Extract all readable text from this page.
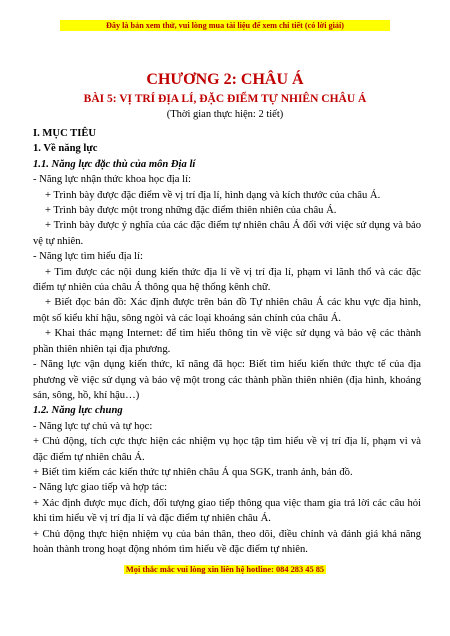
Đây là bản xem thử, vui lòng mua tài liệu để xem chi tiết (có lời giải)
CHƯƠNG 2: CHÂU Á
BÀI 5: VỊ TRÍ ĐỊA LÍ, ĐẶC ĐIỂM TỰ NHIÊN CHÂU Á
(Thời gian thực hiện: 2 tiết)

I. MỤC TIÊU

1. Về năng lực

1.1. Năng lực đặc thù của môn Địa lí

- Năng lực nhận thức khoa học địa lí:

+ Trình bày được đặc điểm về vị trí địa lí, hình dạng và kích thước của châu Á.

+ Trình bày được một trong những đặc điểm thiên nhiên của châu Á.

+ Trình bày được ý nghĩa của các đặc điểm tự nhiên châu Á đối với việc sử dụng và bảo vệ tự nhiên.

- Năng lực tìm hiểu địa lí:

+ Tìm được các nội dung kiến thức địa lí về vị trí địa lí, phạm vi lãnh thổ và các đặc điểm tự nhiên của châu Á thông qua hệ thống kênh chữ.

+ Biết đọc bản đồ: Xác định được trên bản đồ Tự nhiên châu Á các khu vực địa hình, một số kiểu khí hậu, sông ngòi và các loại khoáng sản chính của châu Á.

+ Khai thác mạng Internet: để tìm hiểu thông tin về việc sử dụng và bảo vệ các thành phần thiên nhiên tại địa phương.

- Năng lực vận dụng kiến thức, kĩ năng đã học: Biết tìm hiểu kiến thức thực tế của địa phương về việc sử dụng và bảo vệ một trong các thành phần thiên nhiên (địa hình, khoáng sản, sông, hồ, khí hậu…)

1.2. Năng lực chung

- Năng lực tự chủ và tự học:

+ Chủ động, tích cực thực hiện các nhiệm vụ học tập tìm hiểu về vị trí địa lí, phạm vi và đặc điểm tự nhiên châu Á.

+ Biết tìm kiếm các kiến thức tự nhiên châu Á qua SGK, tranh ảnh, bản đồ.

- Năng lực giao tiếp và hợp tác:

+ Xác định được mục đích, đối tượng giao tiếp thông qua việc tham gia trả lời các câu hỏi khi tìm hiểu về vị trí địa lí và đặc điểm tự nhiên châu Á.

+ Chủ động thực hiện nhiệm vụ của bản thân, theo dõi, điều chỉnh và đánh giá khả năng hoàn thành trong hoạt động nhóm tìm hiểu về đặc điểm tự nhiên.

Mọi thắc mắc vui lòng xin liên hệ hotline: 084 283 45 85
